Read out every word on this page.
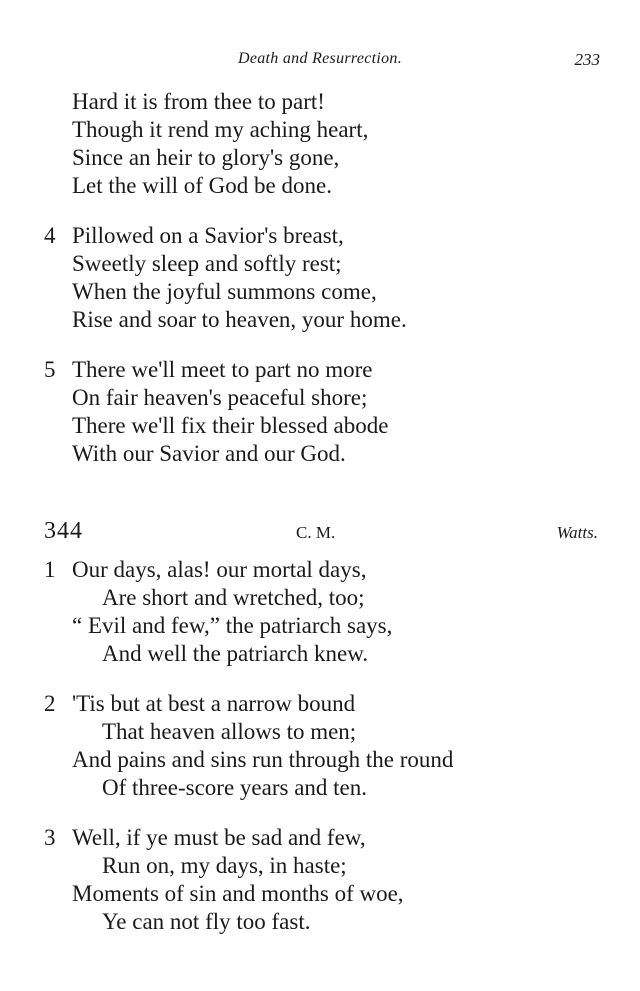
Death and Resurrection.	233
Hard it is from thee to part!
Though it rend my aching heart,
Since an heir to glory's gone,
Let the will of God be done.
4 Pillowed on a Savior's breast,
Sweetly sleep and softly rest;
When the joyful summons come,
Rise and soar to heaven, your home.
5 There we'll meet to part no more
On fair heaven's peaceful shore;
There we'll fix their blessed abode
With our Savior and our God.
344	C. M.	Watts.
1 Our days, alas! our mortal days,
Are short and wretched, too;
“ Evil and few,” the patriarch says,
And well the patriarch knew.
2 'Tis but at best a narrow bound
That heaven allows to men;
And pains and sins run through the round
Of three-score years and ten.
3 Well, if ye must be sad and few,
Run on, my days, in haste;
Moments of sin and months of woe,
Ye can not fly too fast.
